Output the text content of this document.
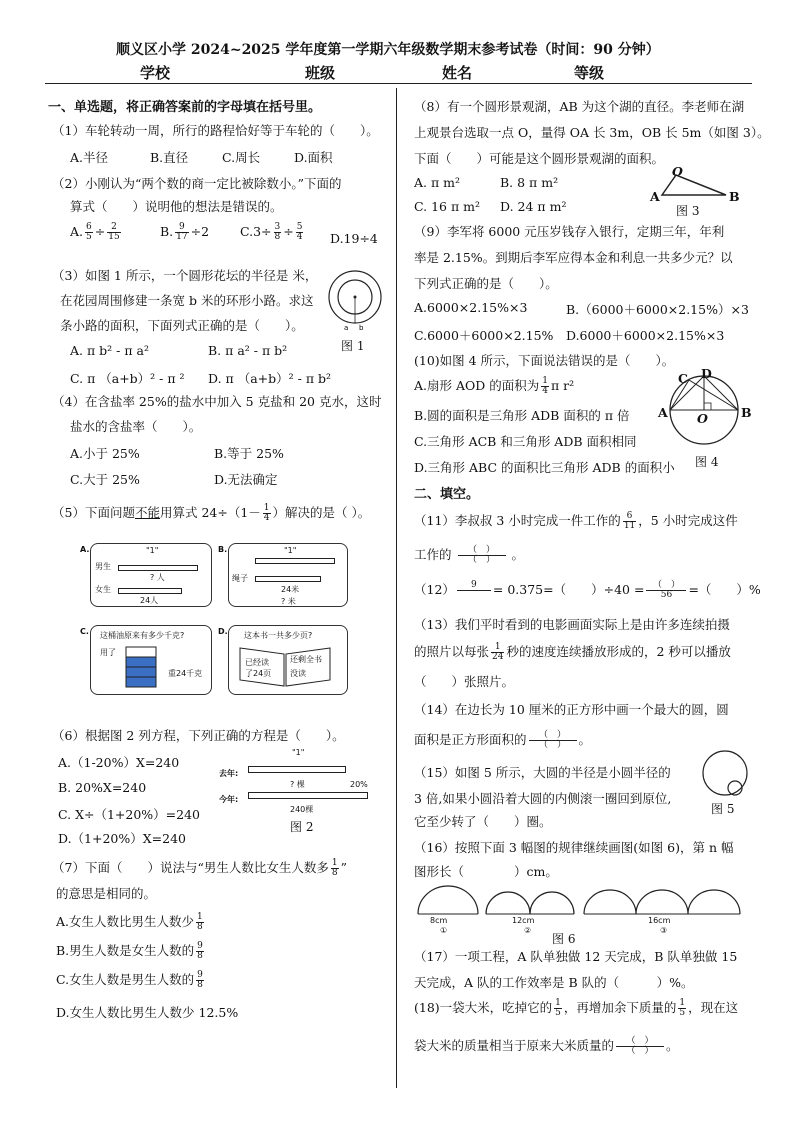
顺义区小学 2024~2025 学年度第一学期六年级数学期末参考试卷（时间：90 分钟）
学校	班级	姓名	等级
一、单选题，将正确答案前的字母填在括号里。
（1）车轮转动一周，所行的路程恰好等于车轮的（　　）。
A.半径	B.直径	C.周长	D.面积
（2）小刚认为“两个数的商一定比被除数小。”下面的
算式（　　）说明他的想法是错误的。
A. $\frac{6}{5} \div \frac{2}{15}$	B. $\frac{9}{17} \div 2$ $C.3\div \frac{3}{8} \div \frac{5}{4} D.19\div 4$
（3）如图 1 所示，一个圆形花坛的半径是 米，
在花园周围修建一条宽 b 米的环形小路。求这
条小路的面积，下面列式正确的是（　　）。
A. π b² - π a²	B. π a² - π b²
C. π （a+b）² - π ² D. π （a+b）² - π b²
a b
图 1
（4）在含盐率 25%的盐水中加入 5 克盐和 20 克水，这时
盐水的含盐率（　　）。
A.小于 25%	B.等于 25%
C.大于 25%	D.无法确定
（5）下面问题不能用算式 $24\div(1- \frac{1}{4}$ ）解决的是（ ）。
A.	"1"
男生
? 人
女生
24人
B.	"1"
绳子
24米
? 米
C. 这桶油原来有多少千克?
用了
重24千克
D. 这本书一共多少页?
已经读了24页
还剩全书
没读
（6）根据图 2 列方程，下列正确的方程是（　　）。
A.（1-20%）X=240
B. 20%X=240
C. X÷（1+20%）=240
D.（1+20%）X=240
"1"
去年:
? 棵
今年:
20%
240棵
图 2
（7）下面（　　）说法与“男生人数比女生人数多 $\frac{1}{8}$ ”
的意思是相同的。
A.女生人数比男生人数少 $\frac{1}{8}$
B.男生人数是女生人数的 $\frac{9}{8}$
C.女生人数是男生人数的 $\frac{9}{8}$
D.女生人数比男生人数少 12.5%
（8）有一个圆形景观湖，AB 为这个湖的直径。李老师在湖
上观景台选取一点 O，量得 OA 长 3m，OB 长 5m（如图 3）。
下面（　　）可能是这个圆形景观湖的面积。
A. π m²	B. 8 π m²
C. 16 π m² D. 24 π m²
O
A	B
图 3
（9）李军将 6000 元压岁钱存入银行，定期三年，年利
率是 2.15%。到期后李军应得本金和利息一共多少元？以
下列式正确的是（　　）。
A.6000×2.15%×3	B.（6000＋6000×2.15%）×3
C.6000＋6000×2.15% D.6000＋6000×2.15%×3
(10)如图 4 所示，下面说法错误的是（　　）。
A.扇形 AOD 的面积为 $\frac{1}{4}$ π r²
B.圆的面积是三角形 ADB 面积的 π 倍
C.三角形 ACB 和三角形 ADB 面积相同
D.三角形 ABC 的面积比三角形 ADB 的面积小
A	B
C D
O
图 4
二、填空。
（11）李叔叔 3 小时完成一件工作的 $\frac{6}{11}$ ，5 小时完成这件
工作的 $\frac{( )}{( )}$ 。
（12）	9
　	= 0.375=（　　）$\div 40 = \frac{( )}{56}$ =（　　）%
（13）我们平时看到的电影画面实际上是由许多连续拍摄
的照片以每张 $\frac{1}{24}$ 秒的速度连续播放形成的，2 秒可以播放
（　　）张照片。
（14）在边长为 10 厘米的正方形中画一个最大的圆，圆
面积是正方形面积的 $\frac{( )}{( )}$ 。
（15）如图 5 所示，大圆的半径是小圆半径的
3 倍,如果小圆沿着大圆的内侧滚一圈回到原位,
它至少转了（　　）圈。
图 5
（16）按照下面 3 幅图的规律继续画图(如图 6)，第 n 幅
图形长（　　　　）cm。
8cm	12cm	16cm
①	②	③
图 6
（17）一项工程，A 队单独做 12 天完成，B 队单独做 15
天完成，A 队的工作效率是 B 队的（　　　）%。
(18)一袋大米，吃掉它的 $\frac{1}{5}$ ，再增加余下质量的 $\frac{1}{5}$ ，现在这
袋大米的质量相当于原来大米质量的 $\frac{( )}{( )}$ 。
